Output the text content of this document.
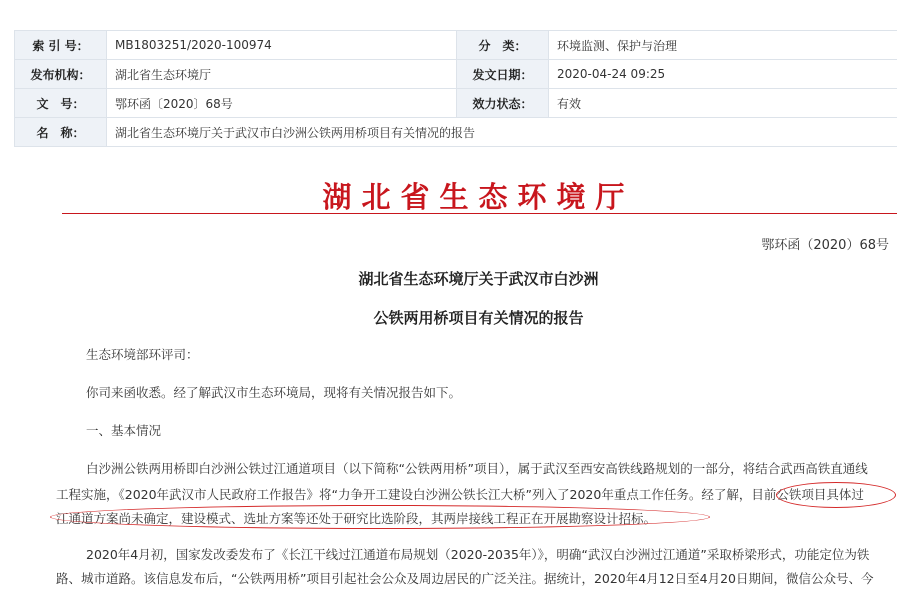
索 引 号：	MB1803251/2020-100974	分　类：	环境监测、保护与治理
发布机构：	湖北省生态环境厅	发文日期：	2020-04-24 09:25
文　号：	鄂环函〔2020〕68号	效力状态：	有效
名　称：	湖北省生态环境厅关于武汉市白沙洲公铁两用桥项目有关情况的报告		
湖北省生态环境厅
鄂环函（2020）68号
湖北省生态环境厅关于武汉市白沙洲
公铁两用桥项目有关情况的报告
生态环境部环评司：
你司来函收悉。经了解武汉市生态环境局，现将有关情况报告如下。
一、基本情况
白沙洲公铁两用桥即白沙洲公铁过江通道项目（以下简称“公铁两用桥”项目），属于武汉至西安高铁线路规划的一部分，将结合武西高铁直通线
工程实施，《2020年武汉市人民政府工作报告》将“力争开工建设白沙洲公铁长江大桥”列入了2020年重点工作任务。经了解，目前公铁项目具体过
江通道方案尚未确定，建设模式、选址方案等还处于研究比选阶段，其两岸接线工程正在开展勘察设计招标。
2020年4月初，国家发改委发布了《长江干线过江通道布局规划（2020-2035年）》，明确“武汉白沙洲过江通道”采取桥梁形式，功能定位为铁
路、城市道路。该信息发布后，“公铁两用桥”项目引起社会公众及周边居民的广泛关注。据统计，2020年4月12日至4月20日期间，微信公众号、今
